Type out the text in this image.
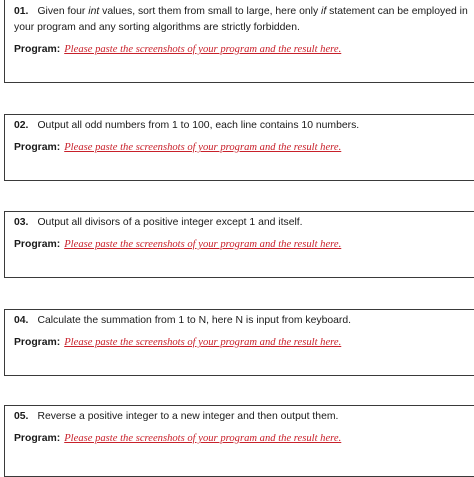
01. Given four int values, sort them from small to large, here only if statement can be employed in
your program and any sorting algorithms are strictly forbidden.
Program: Please paste the screenshots of your program and the result here.
02. Output all odd numbers from 1 to 100, each line contains 10 numbers.
Program: Please paste the screenshots of your program and the result here.
03. Output all divisors of a positive integer except 1 and itself.
Program: Please paste the screenshots of your program and the result here.
04. Calculate the summation from 1 to N, here N is input from keyboard.
Program: Please paste the screenshots of your program and the result here.
05. Reverse a positive integer to a new integer and then output them.
Program: Please paste the screenshots of your program and the result here.
